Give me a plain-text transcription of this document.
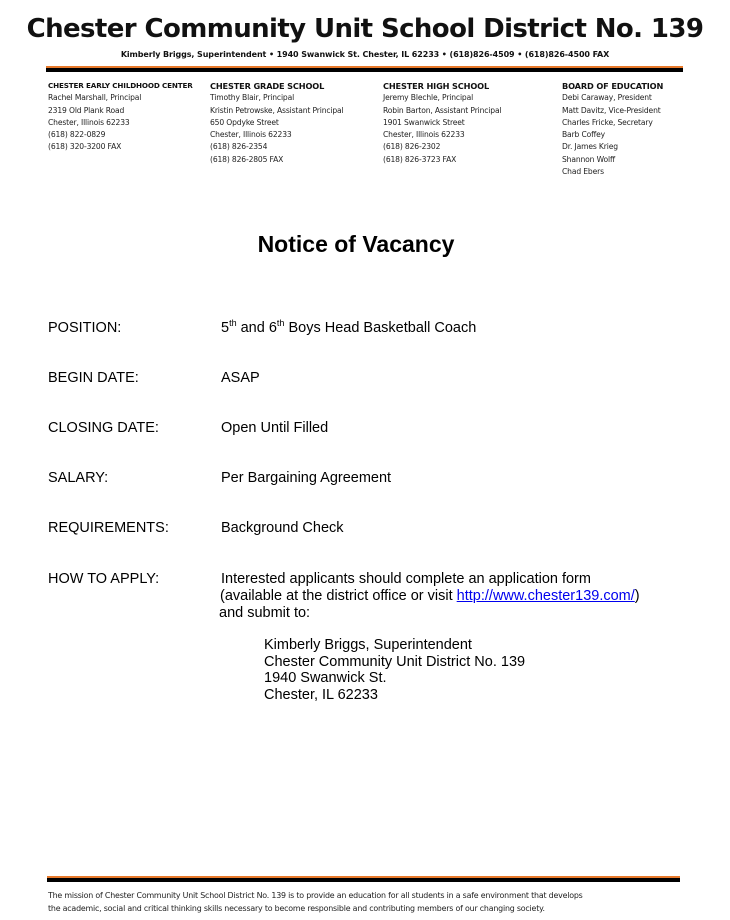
Chester Community Unit School District No. 139
Kimberly Briggs, Superintendent • 1940 Swanwick St. Chester, IL 62233 • (618)826-4509 • (618)826-4500 FAX
CHESTER EARLY CHILDHOOD CENTER
Rachel Marshall, Principal
2319 Old Plank Road
Chester, Illinois 62233
(618) 822-0829
(618) 320-3200 FAX
CHESTER GRADE SCHOOL
Timothy Blair, Principal
Kristin Petrowske, Assistant Principal
650 Opdyke Street
Chester, Illinois 62233
(618) 826-2354
(618) 826-2805 FAX
CHESTER HIGH SCHOOL
Jeremy Blechle, Principal
Robin Barton, Assistant Principal
1901 Swanwick Street
Chester, Illinois 62233
(618) 826-2302
(618) 826-3723 FAX
BOARD OF EDUCATION
Debi Caraway, President
Matt Davitz, Vice-President
Charles Fricke, Secretary
Barb Coffey
Dr. James Krieg
Shannon Wolff
Chad Ebers
Notice of Vacancy
POSITION:	5th and 6th Boys Head Basketball Coach
BEGIN DATE:	ASAP
CLOSING DATE:	Open Until Filled
SALARY:	Per Bargaining Agreement
REQUIREMENTS:	Background Check
HOW TO APPLY:	Interested applicants should complete an application form
(available at the district office or visit http://www.chester139.com/)
and submit to:
Kimberly Briggs, Superintendent
Chester Community Unit District No. 139
1940 Swanwick St.
Chester, IL 62233
The mission of Chester Community Unit School District No. 139 is to provide an education for all students in a safe environment that develops
the academic, social and critical thinking skills necessary to become responsible and contributing members of our changing society.
